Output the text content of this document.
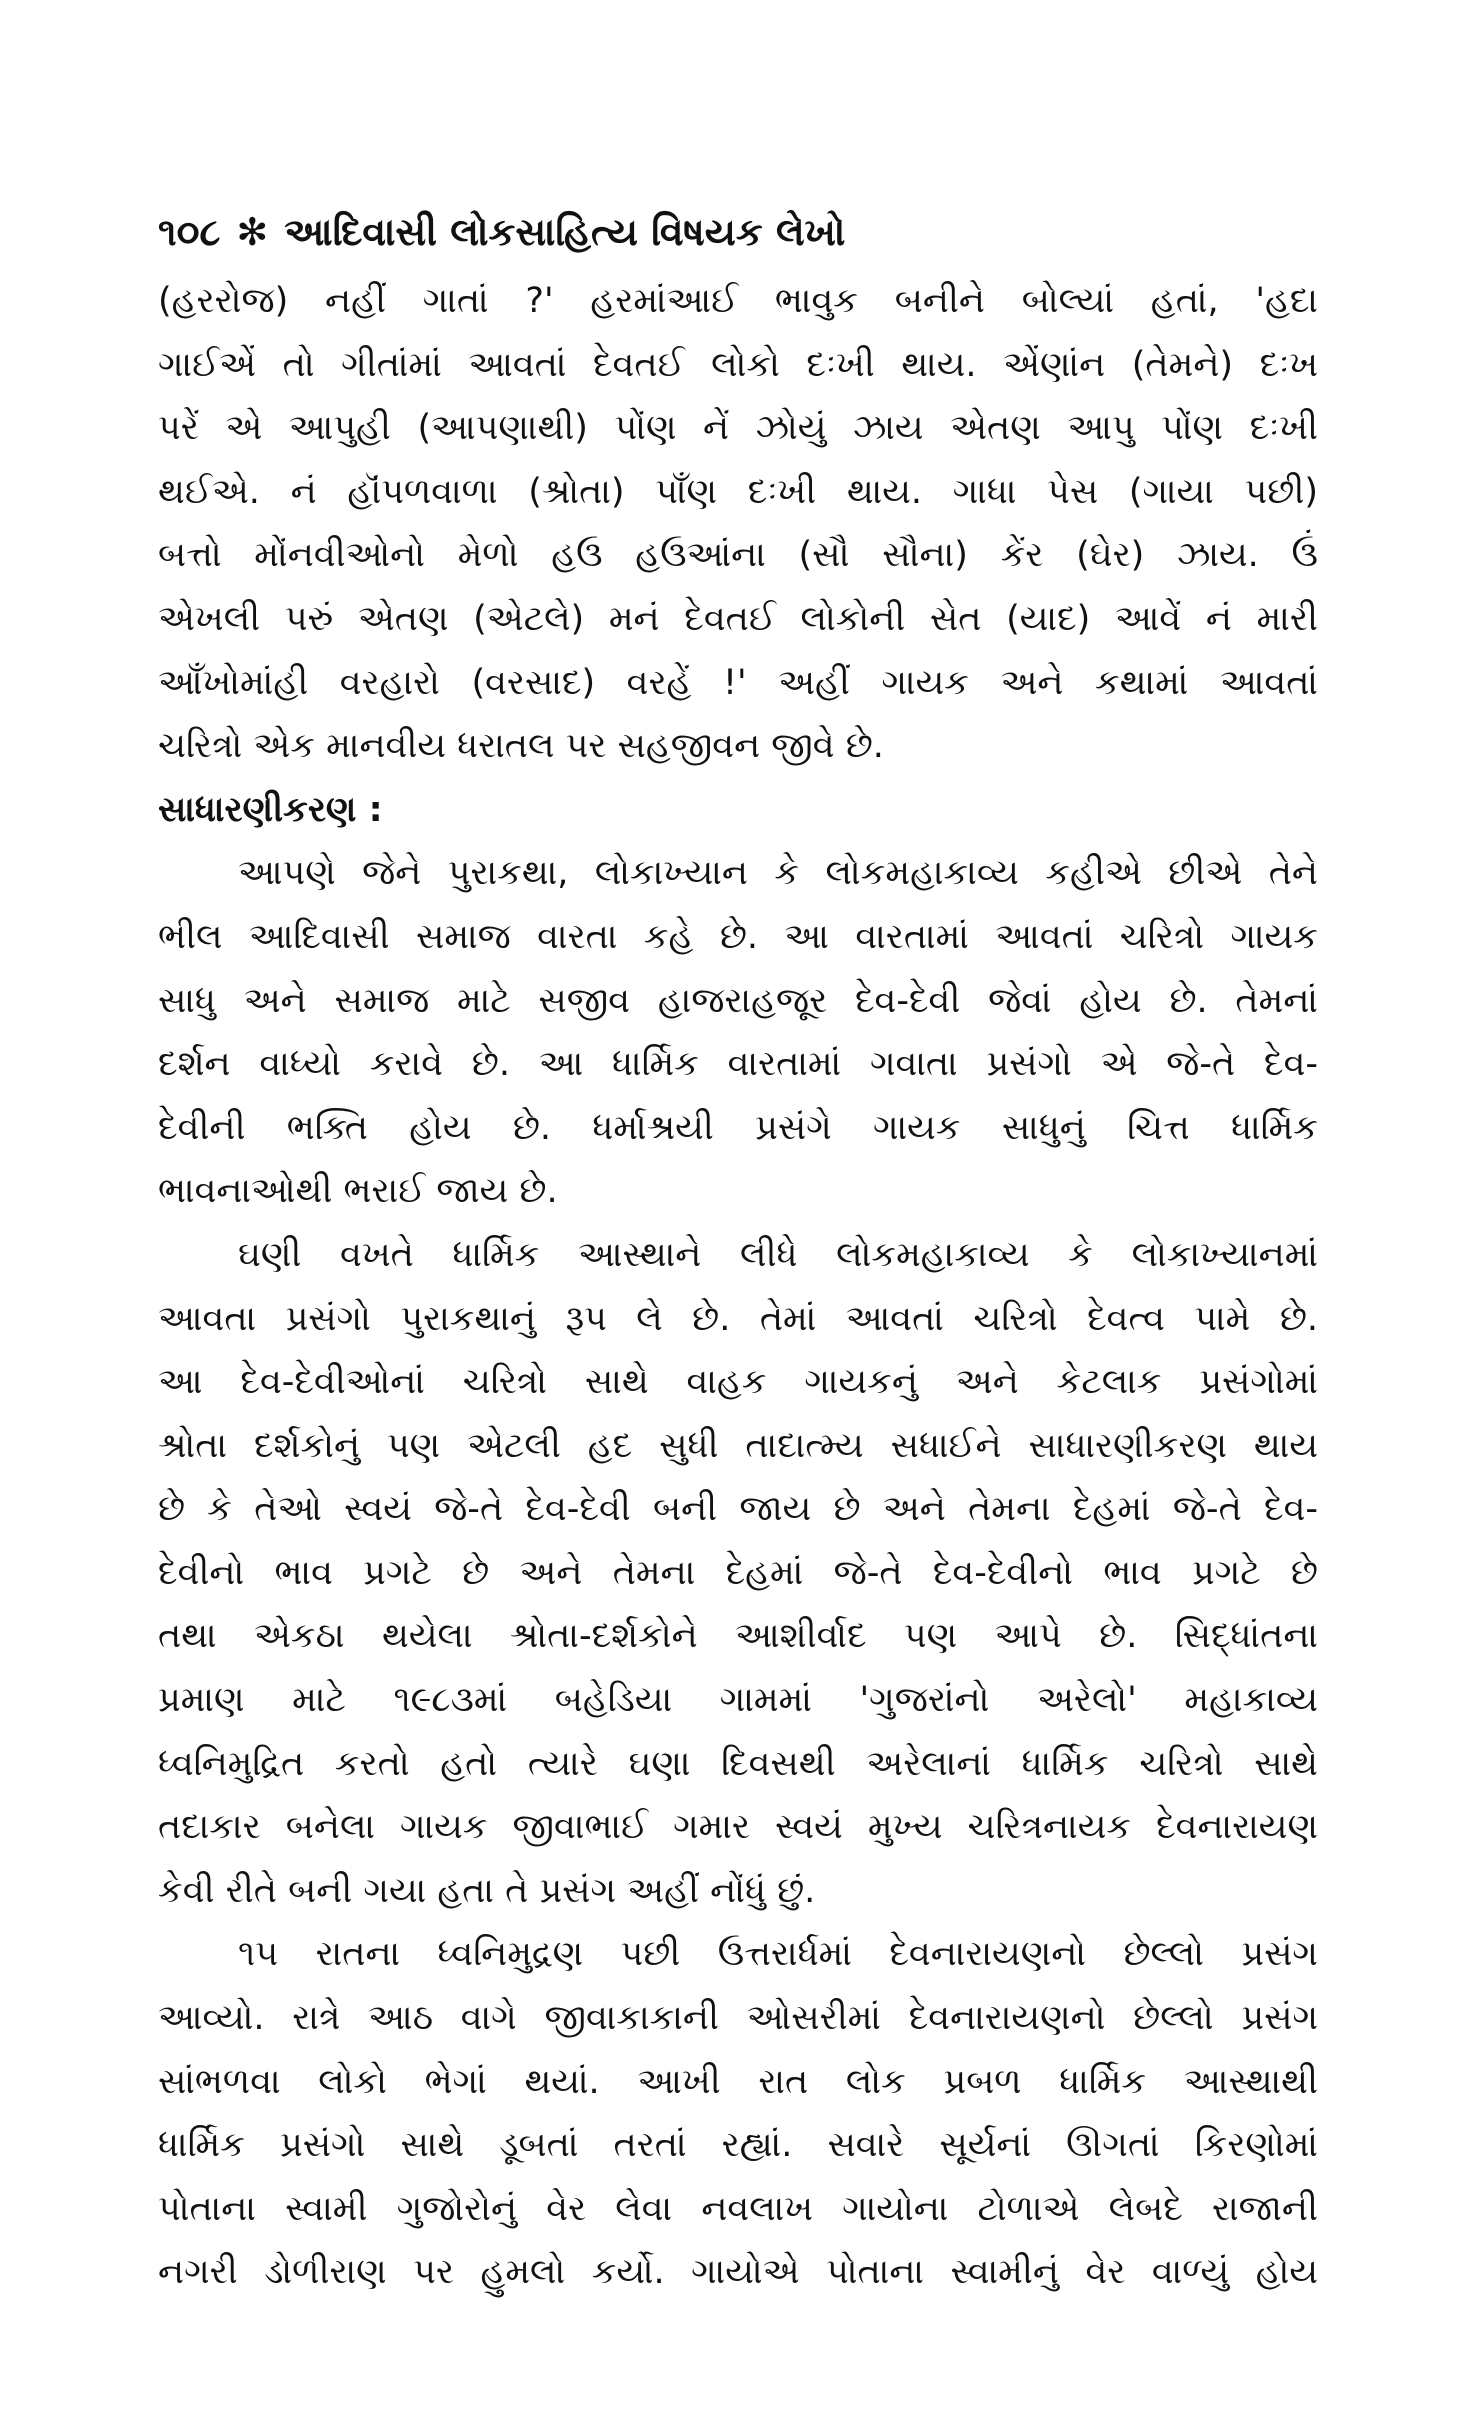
૧૦૮ ✻ આદિવાસી લોકસાહિત્ય વિષયક લેખો
(હરરોજ) નહીં ગાતાં ?' હરમાંઆઈ ભાવુક બનીને બોલ્યાં હતાં, 'હદા
ગાઈએં તો ગીતાંમાં આવતાં દેવતઈ લોકો દઃખી થાય. એંણાંન (તેમને) દઃખ
પરેં એ આપુહી (આપણાથી) પોંણ નેં ઝોયું ઝાય એતણ આપુ પોંણ દઃખી
થઈએ. નં હૉંપળવાળા (શ્રોતા) પાઁણ દઃખી થાય. ગાધા પેસ (ગાયા પછી)
બત્તો મોંનવીઓનો મેળો હઉ હઉઆંના (સૌ સૌના) કેંર (ઘેર) ઝાય. ઉં
એખલી પરું એતણ (એટલે) મનં દેવતઈ લોકોની સેત (યાદ) આવેં નં મારી
આઁખોમાંહી વરહારો (વરસાદ) વરહેં !' અહીં ગાયક અને કથામાં આવતાં
ચરિત્રો એક માનવીય ધરાતલ પર સહજીવન જીવે છે.
સાધારણીકરણ :
આપણે જેને પુરાકથા, લોકાખ્યાન કે લોકમહાકાવ્ય કહીએ છીએ તેને
ભીલ આદિવાસી સમાજ વારતા કહે છે. આ વારતામાં આવતાં ચરિત્રો ગાયક
સાધુ અને સમાજ માટે સજીવ હાજરાહજૂર દેવ-દેવી જેવાં હોય છે. તેમનાં
દર્શન વાધ્યો કરાવે છે. આ ધાર્મિક વારતામાં ગવાતા પ્રસંગો એ જે-તે દેવ-
દેવીની ભક્તિ હોય છે. ધર્માશ્રયી પ્રસંગે ગાયક સાધુનું ચિત્ત ધાર્મિક
ભાવનાઓથી ભરાઈ જાય છે.
ઘણી વખતે ધાર્મિક આસ્થાને લીધે લોકમહાકાવ્ય કે લોકાખ્યાનમાં
આવતા પ્રસંગો પુરાકથાનું રૂપ લે છે. તેમાં આવતાં ચરિત્રો દેવત્વ પામે છે.
આ દેવ-દેવીઓનાં ચરિત્રો સાથે વાહક ગાયકનું અને કેટલાક પ્રસંગોમાં
શ્રોતા દર્શકોનું પણ એટલી હદ સુધી તાદાત્મ્ય સધાઈને સાધારણીકરણ થાય
છે કે તેઓ સ્વયં જે-તે દેવ-દેવી બની જાય છે અને તેમના દેહમાં જે-તે દેવ-
દેવીનો ભાવ પ્રગટે છે અને તેમના દેહમાં જે-તે દેવ-દેવીનો ભાવ પ્રગટે છે
તથા એકઠા થયેલા શ્રોતા-દર્શકોને આશીર્વાદ પણ આપે છે. સિદ્ધાંતના
પ્રમાણ માટે ૧૯૮૩માં બહેડિયા ગામમાં 'ગુજરાંનો અરેલો' મહાકાવ્ય
ધ્વનિમુદ્રિત કરતો હતો ત્યારે ઘણા દિવસથી અરેલાનાં ધાર્મિક ચરિત્રો સાથે
તદાકાર બનેલા ગાયક જીવાભાઈ ગમાર સ્વયં મુખ્ય ચરિત્રનાયક દેવનારાયણ
કેવી રીતે બની ગયા હતા તે પ્રસંગ અહીં નોંધું છું.
૧૫ રાતના ધ્વનિમુદ્રણ પછી ઉત્તરાર્ધમાં દેવનારાયણનો છેલ્લો પ્રસંગ
આવ્યો. રાત્રે આઠ વાગે જીવાકાકાની ઓસરીમાં દેવનારાયણનો છેલ્લો પ્રસંગ
સાંભળવા લોકો ભેગાં થયાં. આખી રાત લોક પ્રબળ ધાર્મિક આસ્થાથી
ધાર્મિક પ્રસંગો સાથે ડૂબતાં તરતાં રહ્યાં. સવારે સૂર્યનાં ઊગતાં કિરણોમાં
પોતાના સ્વામી ગુજોરોનું વેર લેવા નવલાખ ગાયોના ટોળાએ લેબદે રાજાની
નગરી ડોળીરાણ પર હુમલો કર્યો. ગાયોએ પોતાના સ્વામીનું વેર વાળ્યું હોય
